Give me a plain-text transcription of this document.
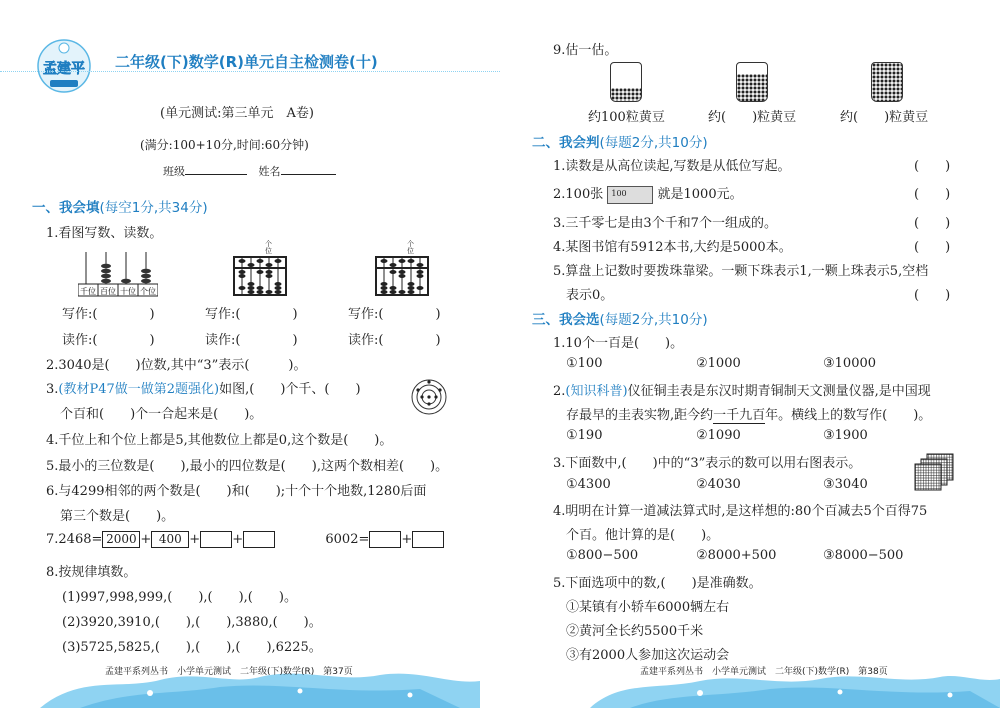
孟建平 二年级(下)数学(R)单元自主检测卷(十)
(单元测试:第三单元　A卷)
(满分:100+10分,时间:60分钟)
班级	姓名
一、我会填(每空1分,共34分)
1.看图写数、读数。
千位 百位 十位 个位
个位
个位
写作:(	)	写作:(	)	写作:(	)
读作:(	)	读作:(	)	读作:(	)
2.3040是(　　)位数,其中“3”表示(　　　)。
3.(教材P47做一做第2题强化)如图,(　　)个千、(　　)
个百和(　　)个一合起来是(　　)。
4.千位上和个位上都是5,其他数位上都是0,这个数是(　　)。
5.最小的三位数是(　　),最小的四位数是(　　),这两个数相差(　　)。
6.与4299相邻的两个数是(　　)和(　　);十个十个地数,1280后面
第三个数是(　　)。
7.2468= 2000 + 400 + +	6002= +
8.按规律填数。
(1)997,998,999,(　　),(　　),(　　)。
(2)3920,3910,(　　),(　　),3880,(　　)。
(3)5725,5825,(　　),(　　),(　　),6225。
孟建平系列丛书　小学单元测试　二年级(下)数学(R)　第37页
9.估一估。
约100粒黄豆	约(　　)粒黄豆	约(　　)粒黄豆
二、我会判(每题2分,共10分)
1.读数是从高位读起,写数是从低位写起。	(　　)
2.100张 100 就是1000元。	(　　)
3.三千零七是由3个千和7个一组成的。	(　　)
4.某图书馆有5912本书,大约是5000本。	(　　)
5.算盘上记数时要拨珠靠梁。一颗下珠表示1,一颗上珠表示5,空档
表示0。	(　　)
三、我会选(每题2分,共10分)
1.10个一百是(　　)。
①100	②1000	③10000
2.(知识科普)仪征铜圭表是东汉时期青铜制天文测量仪器,是中国现
存最早的圭表实物,距今约一千九百年。横线上的数写作(　　)。
①190	②1090	③1900
3.下面数中,(　　)中的“3”表示的数可以用右图表示。
①4300	②4030	③3040
4.明明在计算一道减法算式时,是这样想的:80个百减去5个百得75
个百。他计算的是(　　)。
①800−500	②8000+500	③8000−500
5.下面选项中的数,(　　)是准确数。
①某镇有小轿车6000辆左右
②黄河全长约5500千米
③有2000人参加这次运动会
孟建平系列丛书　小学单元测试　二年级(下)数学(R)　第38页
